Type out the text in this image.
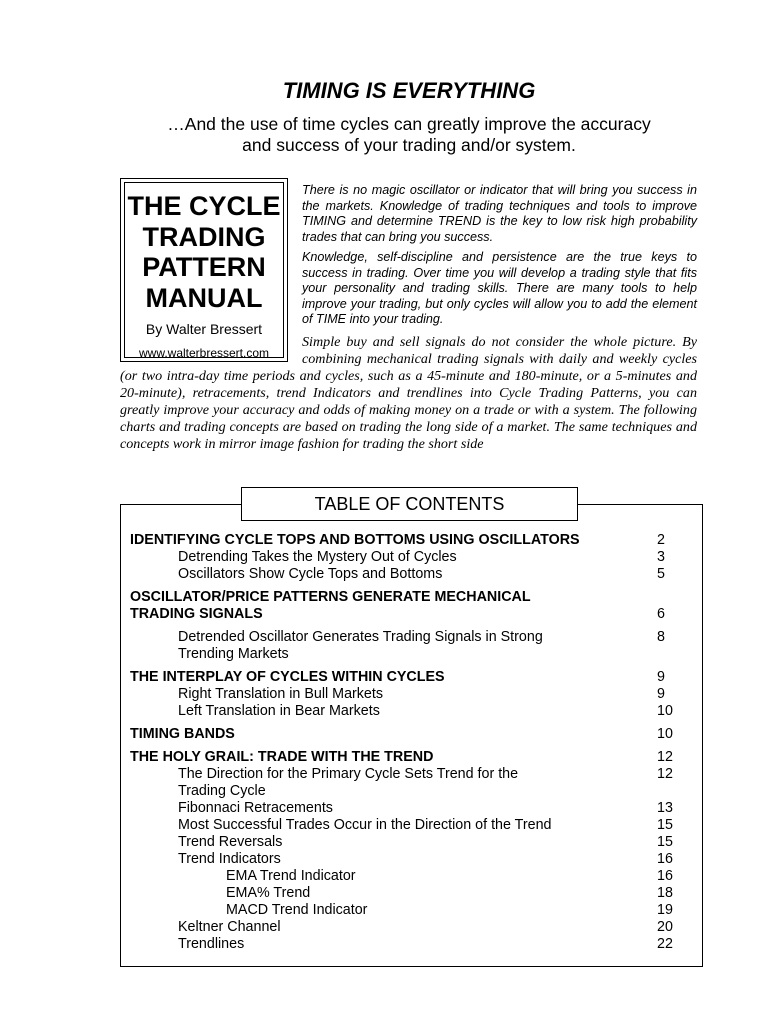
TIMING IS EVERYTHING
…And the use of time cycles can greatly improve the accuracy
and success of your trading and/or system.
THE CYCLE
TRADING
PATTERN
MANUAL
By Walter Bressert
www.walterbressert.com

There is no magic oscillator or indicator that will bring you success in the markets. Knowledge of trading techniques and tools to improve TIMING and determine TREND is the key to low risk high probability trades that can bring you success.

Knowledge, self-discipline and persistence are the true keys to success in trading. Over time you will develop a trading style that fits your personality and trading skills. There are many tools to help improve your trading, but only cycles will allow you to add the element of TIME into your trading.

Simple buy and sell signals do not consider the whole picture. By combining mechanical trading signals with daily and weekly cycles (or two intra-day time periods and cycles, such as a 45-minute and 180-minute, or a 5-minutes and 20-minute), retracements, trend Indicators and trendlines into Cycle Trading Patterns, you can greatly improve your accuracy and odds of making money on a trade or with a system. The following charts and trading concepts are based on trading the long side of a market. The same techniques and concepts work in mirror image fashion for trading the short side

TABLE OF CONTENTS
IDENTIFYING CYCLE TOPS AND BOTTOMS USING OSCILLATORS	2
Detrending Takes the Mystery Out of Cycles	3
Oscillators Show Cycle Tops and Bottoms	5
OSCILLATOR/PRICE PATTERNS GENERATE MECHANICAL
TRADING SIGNALS	6
Detrended Oscillator Generates Trading Signals in Strong	8
Trending Markets
THE INTERPLAY OF CYCLES WITHIN CYCLES	9
Right Translation in Bull Markets	9
Left Translation in Bear Markets	10
TIMING BANDS	10
THE HOLY GRAIL: TRADE WITH THE TREND	12
The Direction for the Primary Cycle Sets Trend for the	12
Trading Cycle
Fibonnaci Retracements	13
Most Successful Trades Occur in the Direction of the Trend	15
Trend Reversals	15
Trend Indicators	16
EMA Trend Indicator	16
EMA% Trend	18
MACD Trend Indicator	19
Keltner Channel	20
Trendlines	22
